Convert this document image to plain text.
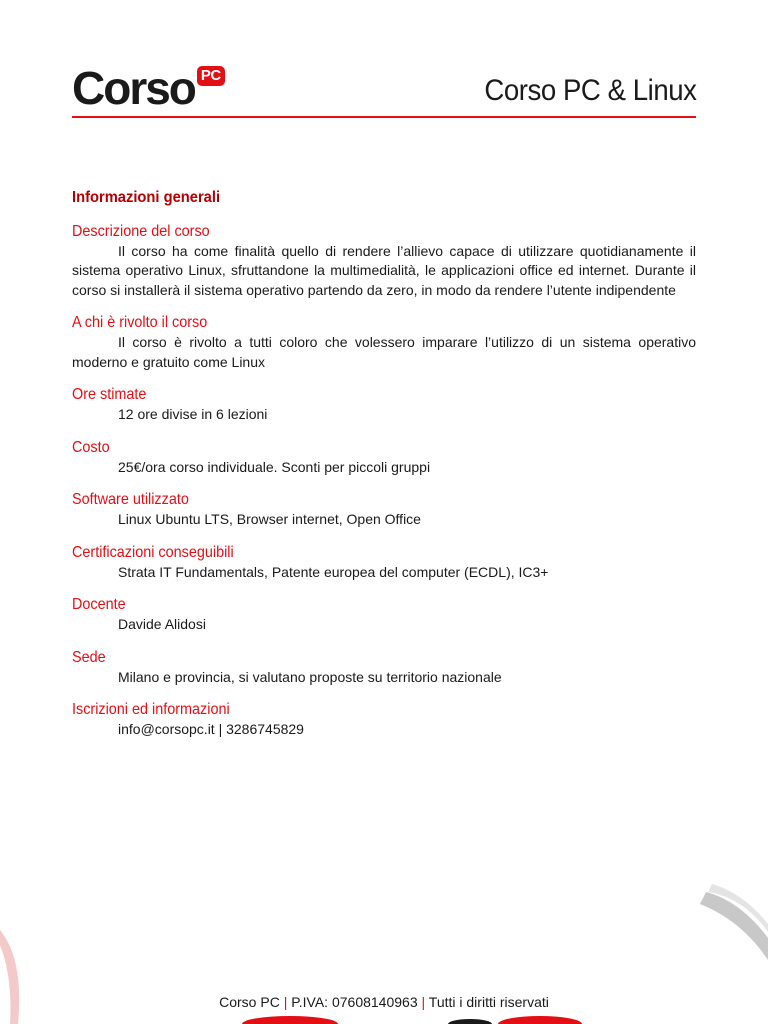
Corso PC	Corso PC & Linux
Informazioni generali
Descrizione del corso
Il corso ha come finalità quello di rendere l’allievo capace di utilizzare quotidianamente il sistema operativo Linux, sfruttandone la multimedialità, le applicazioni office ed internet. Durante il corso si installerà il sistema operativo partendo da zero, in modo da rendere l’utente indipendente
A chi è rivolto il corso
Il corso è rivolto a tutti coloro che volessero imparare l’utilizzo di un sistema operativo moderno e gratuito come Linux
Ore stimate
12 ore divise in 6 lezioni
Costo
25€/ora corso individuale. Sconti per piccoli gruppi
Software utilizzato
Linux Ubuntu LTS, Browser internet, Open Office
Certificazioni conseguibili
Strata IT Fundamentals, Patente europea del computer (ECDL), IC3+
Docente
Davide Alidosi
Sede
Milano e provincia, si valutano proposte su territorio nazionale
Iscrizioni ed informazioni
info@corsopc.it | 3286745829
Corso PC | P.IVA: 07608140963 | Tutti i diritti riservati
